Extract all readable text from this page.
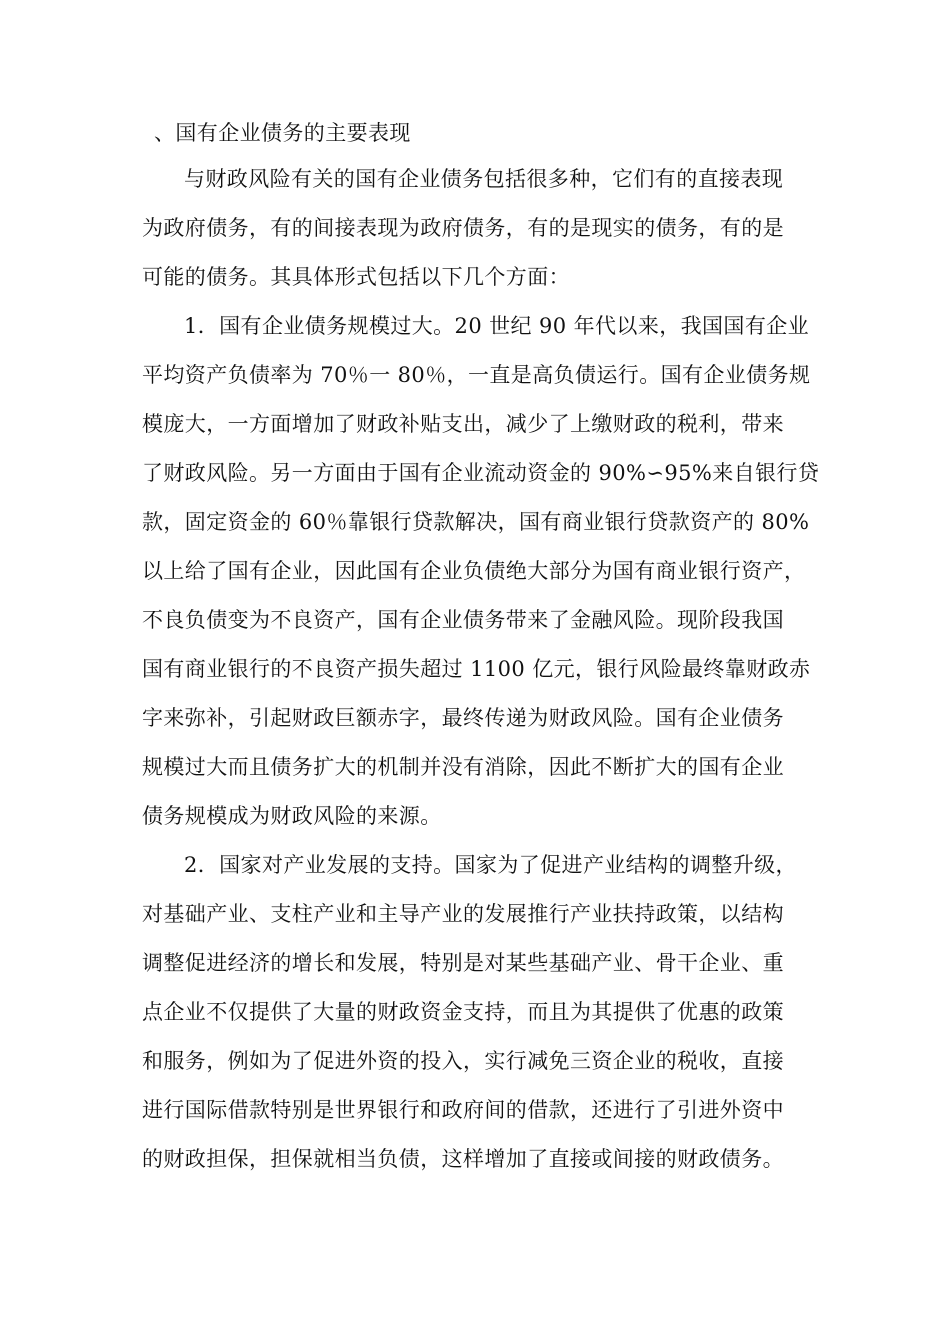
、国有企业债务的主要表现

与财政风险有关的国有企业债务包括很多种，它们有的直接表现
为政府债务，有的间接表现为政府债务，有的是现实的债务，有的是
可能的债务。其具体形式包括以下几个方面：

1．国有企业债务规模过大。20 世纪 90 年代以来，我国国有企业
平均资产负债率为 70％一 80％，一直是高负债运行。国有企业债务规
模庞大，一方面增加了财政补贴支出，减少了上缴财政的税利，带来
了财政风险。另一方面由于国有企业流动资金的 90%∽95%来自银行贷
款，固定资金的 60％靠银行贷款解决，国有商业银行贷款资产的 80%
以上给了国有企业，因此国有企业负债绝大部分为国有商业银行资产，
不良负债变为不良资产，国有企业债务带来了金融风险。现阶段我国
国有商业银行的不良资产损失超过 1100 亿元，银行风险最终靠财政赤
字来弥补，引起财政巨额赤字，最终传递为财政风险。国有企业债务
规模过大而且债务扩大的机制并没有消除，因此不断扩大的国有企业
债务规模成为财政风险的来源。

2．国家对产业发展的支持。国家为了促进产业结构的调整升级，
对基础产业、支柱产业和主导产业的发展推行产业扶持政策，以结构
调整促进经济的增长和发展，特别是对某些基础产业、骨干企业、重
点企业不仅提供了大量的财政资金支持，而且为其提供了优惠的政策
和服务，例如为了促进外资的投入，实行减免三资企业的税收，直接
进行国际借款特别是世界银行和政府间的借款，还进行了引进外资中
的财政担保，担保就相当负债，这样增加了直接或间接的财政债务。
